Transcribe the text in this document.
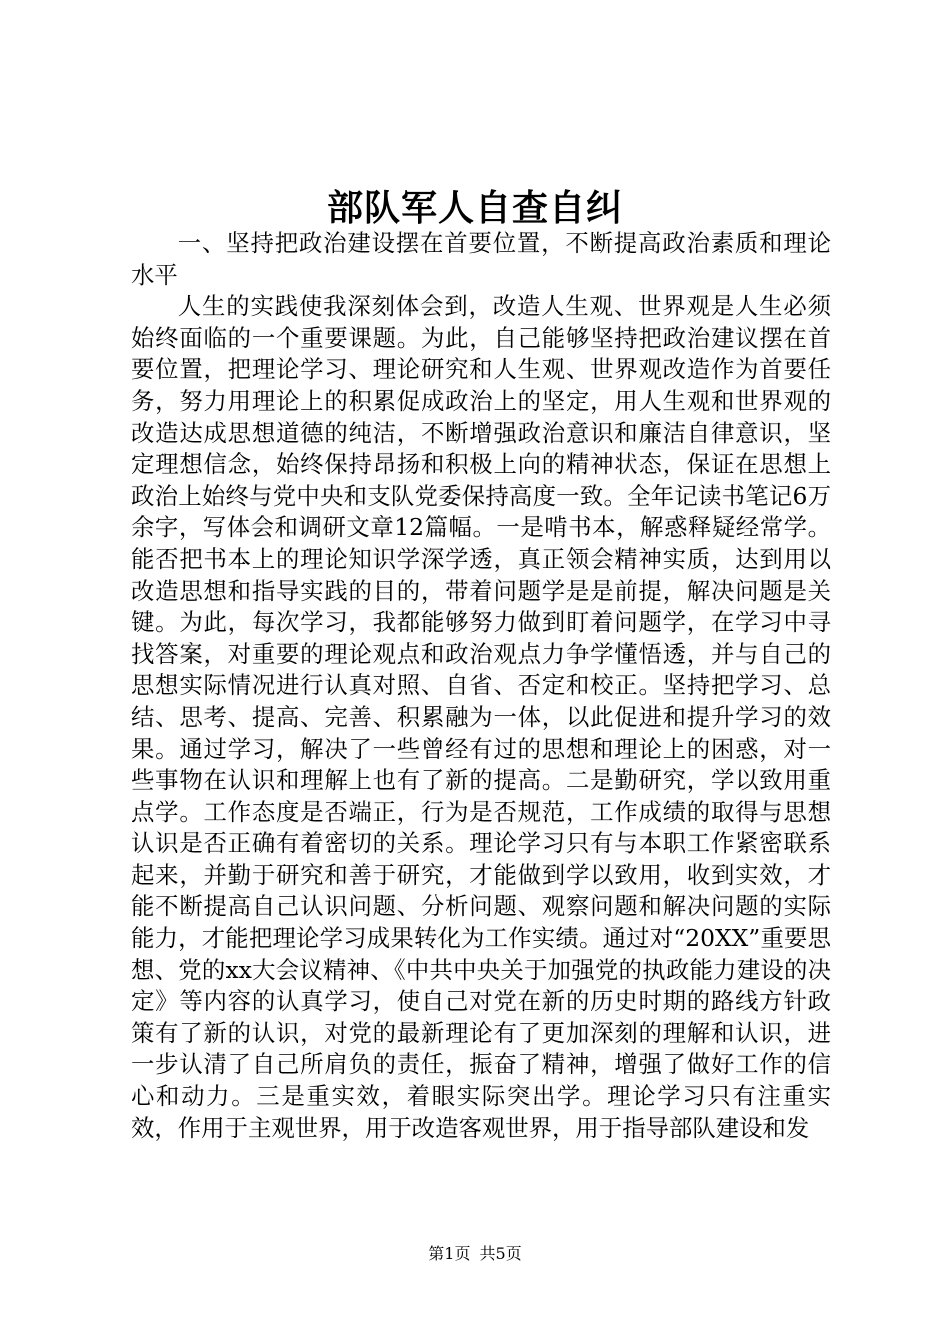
部队军人自查自纠

一、坚持把政治建设摆在首要位置，不断提高政治素质和理论水平

人生的实践使我深刻体会到，改造人生观、世界观是人生必须始终面临的一个重要课题。为此，自己能够坚持把政治建议摆在首要位置，把理论学习、理论研究和人生观、世界观改造作为首要任务，努力用理论上的积累促成政治上的坚定，用人生观和世界观的改造达成思想道德的纯洁，不断增强政治意识和廉洁自律意识，坚定理想信念，始终保持昂扬和积极上向的精神状态，保证在思想上政治上始终与党中央和支队党委保持高度一致。全年记读书笔记6万余字，写体会和调研文章12篇幅。一是啃书本，解惑释疑经常学。能否把书本上的理论知识学深学透，真正领会精神实质，达到用以改造思想和指导实践的目的，带着问题学是是前提，解决问题是关键。为此，每次学习，我都能够努力做到盯着问题学，在学习中寻找答案，对重要的理论观点和政治观点力争学懂悟透，并与自己的思想实际情况进行认真对照、自省、否定和校正。坚持把学习、总结、思考、提高、完善、积累融为一体，以此促进和提升学习的效果。通过学习，解决了一些曾经有过的思想和理论上的困惑，对一些事物在认识和理解上也有了新的提高。二是勤研究，学以致用重点学。工作态度是否端正，行为是否规范，工作成绩的取得与思想认识是否正确有着密切的关系。理论学习只有与本职工作紧密联系起来，并勤于研究和善于研究，才能做到学以致用，收到实效，才能不断提高自己认识问题、分析问题、观察问题和解决问题的实际能力，才能把理论学习成果转化为工作实绩。通过对“20XX”重要思想、党的xx大会议精神、《中共中央关于加强党的执政能力建设的决定》等内容的认真学习，使自己对党在新的历史时期的路线方针政策有了新的认识，对党的最新理论有了更加深刻的理解和认识，进一步认清了自己所肩负的责任，振奋了精神，增强了做好工作的信心和动力。三是重实效，着眼实际突出学。理论学习只有注重实效，作用于主观世界，用于改造客观世界，用于指导部队建设和发

第1页 共5页
